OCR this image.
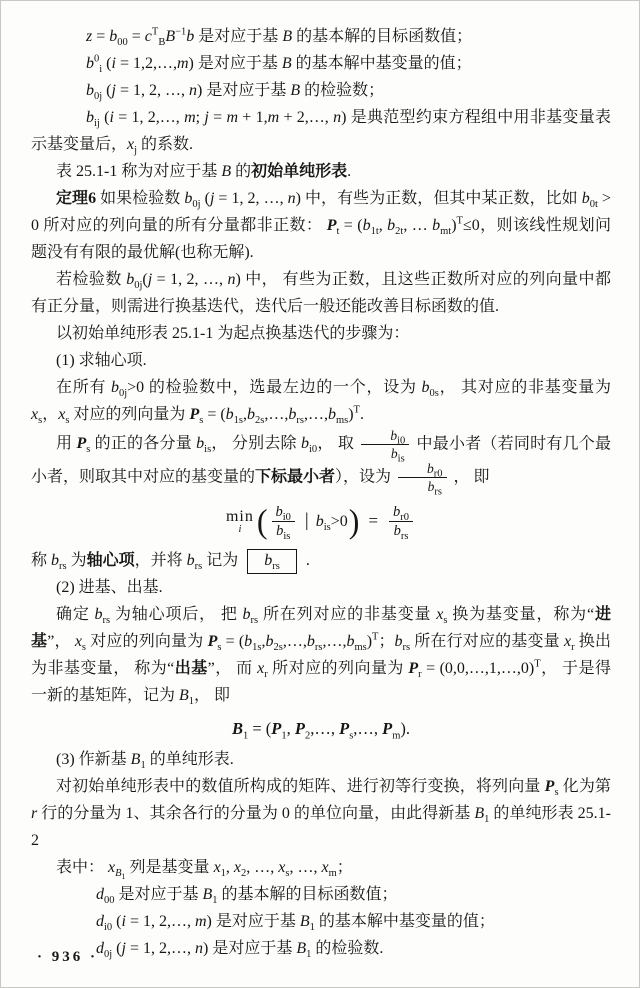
$z = b_{00} = c^T_BB^{-1}b$ 是对应于基 B 的基本解的目标函数值；

$b^0_i$ (i = 1,2,…,m) 是对应于基 B 的基本解中基变量的值；

$b_{0j}$ (j = 1, 2, …, n) 是对应于基 B 的检验数；

$b_{ij}$ (i = 1, 2,…, m; j = m + 1,m + 2,…, n) 是典范型约束方程组中用非基变量表示基变量后，$x_j$ 的系数.

表 25.1-1 称为对应于基 B 的初始单纯形表.

定理6 如果检验数 $b_{0j}$ (j = 1, 2, …, n) 中，有些为正数，但其中某正数，比如 $b_{0t} > 0$ 所对应的列向量的所有分量都非正数： $P_t = (b_{1t}$, $b_{2t}$, … $b_{mt})^T\le 0$，则该线性规划问题没有有限的最优解(也称无解).

若检验数 $b_{0j}(j = 1$, 2, …, n) 中， 有些为正数，且这些正数所对应的列向量中都有正分量，则需进行换基迭代，迭代后一般还能改善目标函数的值.

以初始单纯形表 25.1-1 为起点换基迭代的步骤为：

(1) 求轴心项.

在所有 $b_{0j}>0$ 的检验数中，选最左边的一个，设为 $b_{0s}$， 其对应的非基变量为 $x_s$，$x_s$ 对应的列向量为 $P_s$ = $(b_{1s},b_{2s},\dots,b_{rs},\dots,b_{ms})^T$.

用 $P_s$ 的正的各分量 $b_{is}$， 分别去除 $b_{i0}$， 取 $\frac{b_{i0}}{b_{is}}$ 中最小者（若同时有几个最小者，则取其中对应的基变量的下标最小者），设为 $\frac{b_{r0}}{b_{rs}}$ ， 即

min
i ( $\frac{b_{i0}}{b_{is}}$ | $b_{is}>0$ ) = $\frac{b_{r0}}{b_{rs}}$

称 $b_{rs}$ 为轴心项，并将 $b_{rs}$ 记为 $b_{rs}$ .

(2) 进基、出基.

确定 $b_{rs}$ 为轴心项后， 把 $b_{rs}$ 所在列对应的非基变量 $x_s$ 换为基变量，称为“进基”， $x_s$ 对应的列向量为 $P_s$ = $(b_{1s},b_{2s},\dots,b_{rs},\dots,b_{ms})^T$；$b_{rs}$ 所在行对应的基变量 $x_r$ 换出为非基变量， 称为“出基”， 而 $x_r$ 所对应的列向量为 $P_r$ = (0,0,…,1,…,0)$^T$， 于是得一新的基矩阵，记为 $B_1$， 即

$B_1 = (P_1$, $P_2,\dots$, $P_s,\dots$, $P_m$).

(3) 作新基 $B_1$ 的单纯形表.

对初始单纯形表中的数值所构成的矩阵、进行初等行变换，将列向量 $P_s$ 化为第 r 行的分量为 1、其余各行的分量为 0 的单位向量，由此得新基 $B_1$ 的单纯形表 25.1-2

表中： $x_{B_1}$ 列是基变量 $x_1$, $x_2$, …, $x_s$, …, $x_m$；

$d_{00}$ 是对应于基 $B_1$ 的基本解的目标函数值；

$d_{i0}$ (i = 1, 2,…, m) 是对应于基 $B_1$ 的基本解中基变量的值；

$d_{0j}$ (j = 1, 2,…, n) 是对应于基 $B_1$ 的检验数.

· 936 ·
